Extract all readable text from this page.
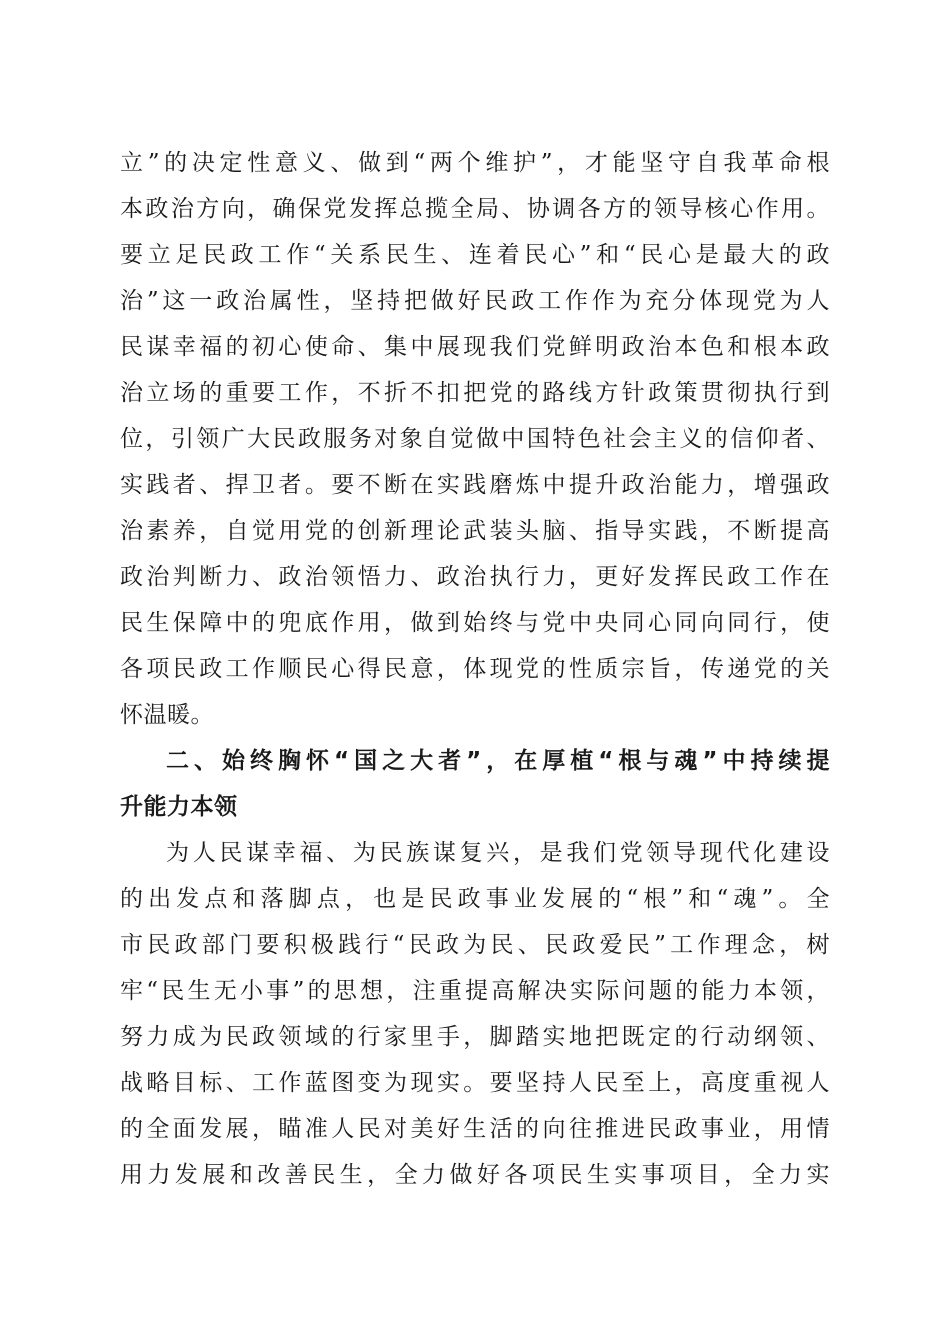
立”的决定性意义、做到“两个维护”，才能坚守自我革命根
本政治方向，确保党发挥总揽全局、协调各方的领导核心作用。
要立足民政工作“关系民生、连着民心”和“民心是最大的政
治”这一政治属性，坚持把做好民政工作作为充分体现党为人
民谋幸福的初心使命、集中展现我们党鲜明政治本色和根本政
治立场的重要工作，不折不扣把党的路线方针政策贯彻执行到
位，引领广大民政服务对象自觉做中国特色社会主义的信仰者、
实践者、捍卫者。要不断在实践磨炼中提升政治能力，增强政
治素养，自觉用党的创新理论武装头脑、指导实践，不断提高
政治判断力、政治领悟力、政治执行力，更好发挥民政工作在
民生保障中的兜底作用，做到始终与党中央同心同向同行，使
各项民政工作顺民心得民意，体现党的性质宗旨，传递党的关
怀温暖。
二、始终胸怀“国之大者”，在厚植“根与魂”中持续提
升能力本领
为人民谋幸福、为民族谋复兴，是我们党领导现代化建设
的出发点和落脚点，也是民政事业发展的“根”和“魂”。全
市民政部门要积极践行“民政为民、民政爱民”工作理念，树
牢“民生无小事”的思想，注重提高解决实际问题的能力本领，
努力成为民政领域的行家里手，脚踏实地把既定的行动纲领、
战略目标、工作蓝图变为现实。要坚持人民至上，高度重视人
的全面发展，瞄准人民对美好生活的向往推进民政事业，用情
用力发展和改善民生，全力做好各项民生实事项目，全力实
